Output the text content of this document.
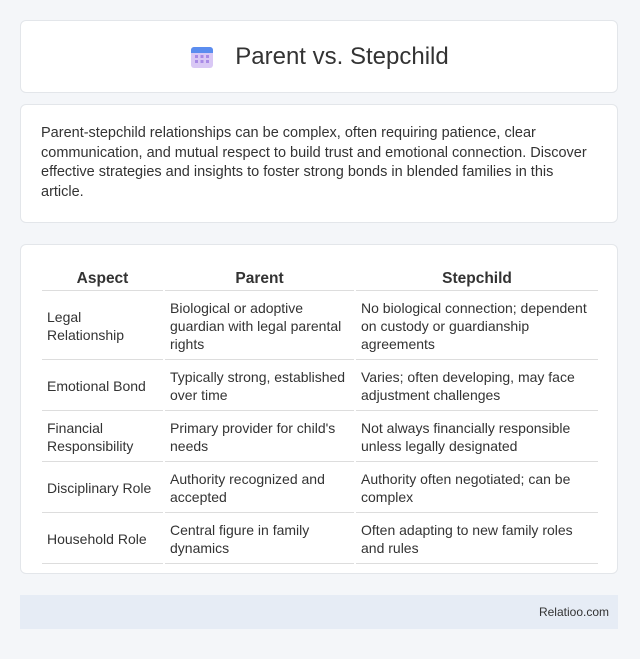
Parent vs. Stepchild

Parent-stepchild relationships can be complex, often requiring patience, clear communication, and mutual respect to build trust and emotional connection. Discover effective strategies and insights to foster strong bonds in blended families in this article.

Aspect	Parent	Stepchild
Legal Relationship	Biological or adoptive guardian with legal parental rights	No biological connection; dependent on custody or guardianship agreements
Emotional Bond	Typically strong, established over time	Varies; often developing, may face adjustment challenges
Financial Responsibility	Primary provider for child's needs	Not always financially responsible unless legally designated
Disciplinary Role	Authority recognized and accepted	Authority often negotiated; can be complex
Household Role	Central figure in family dynamics	Often adapting to new family roles and rules
Relatioo.com
